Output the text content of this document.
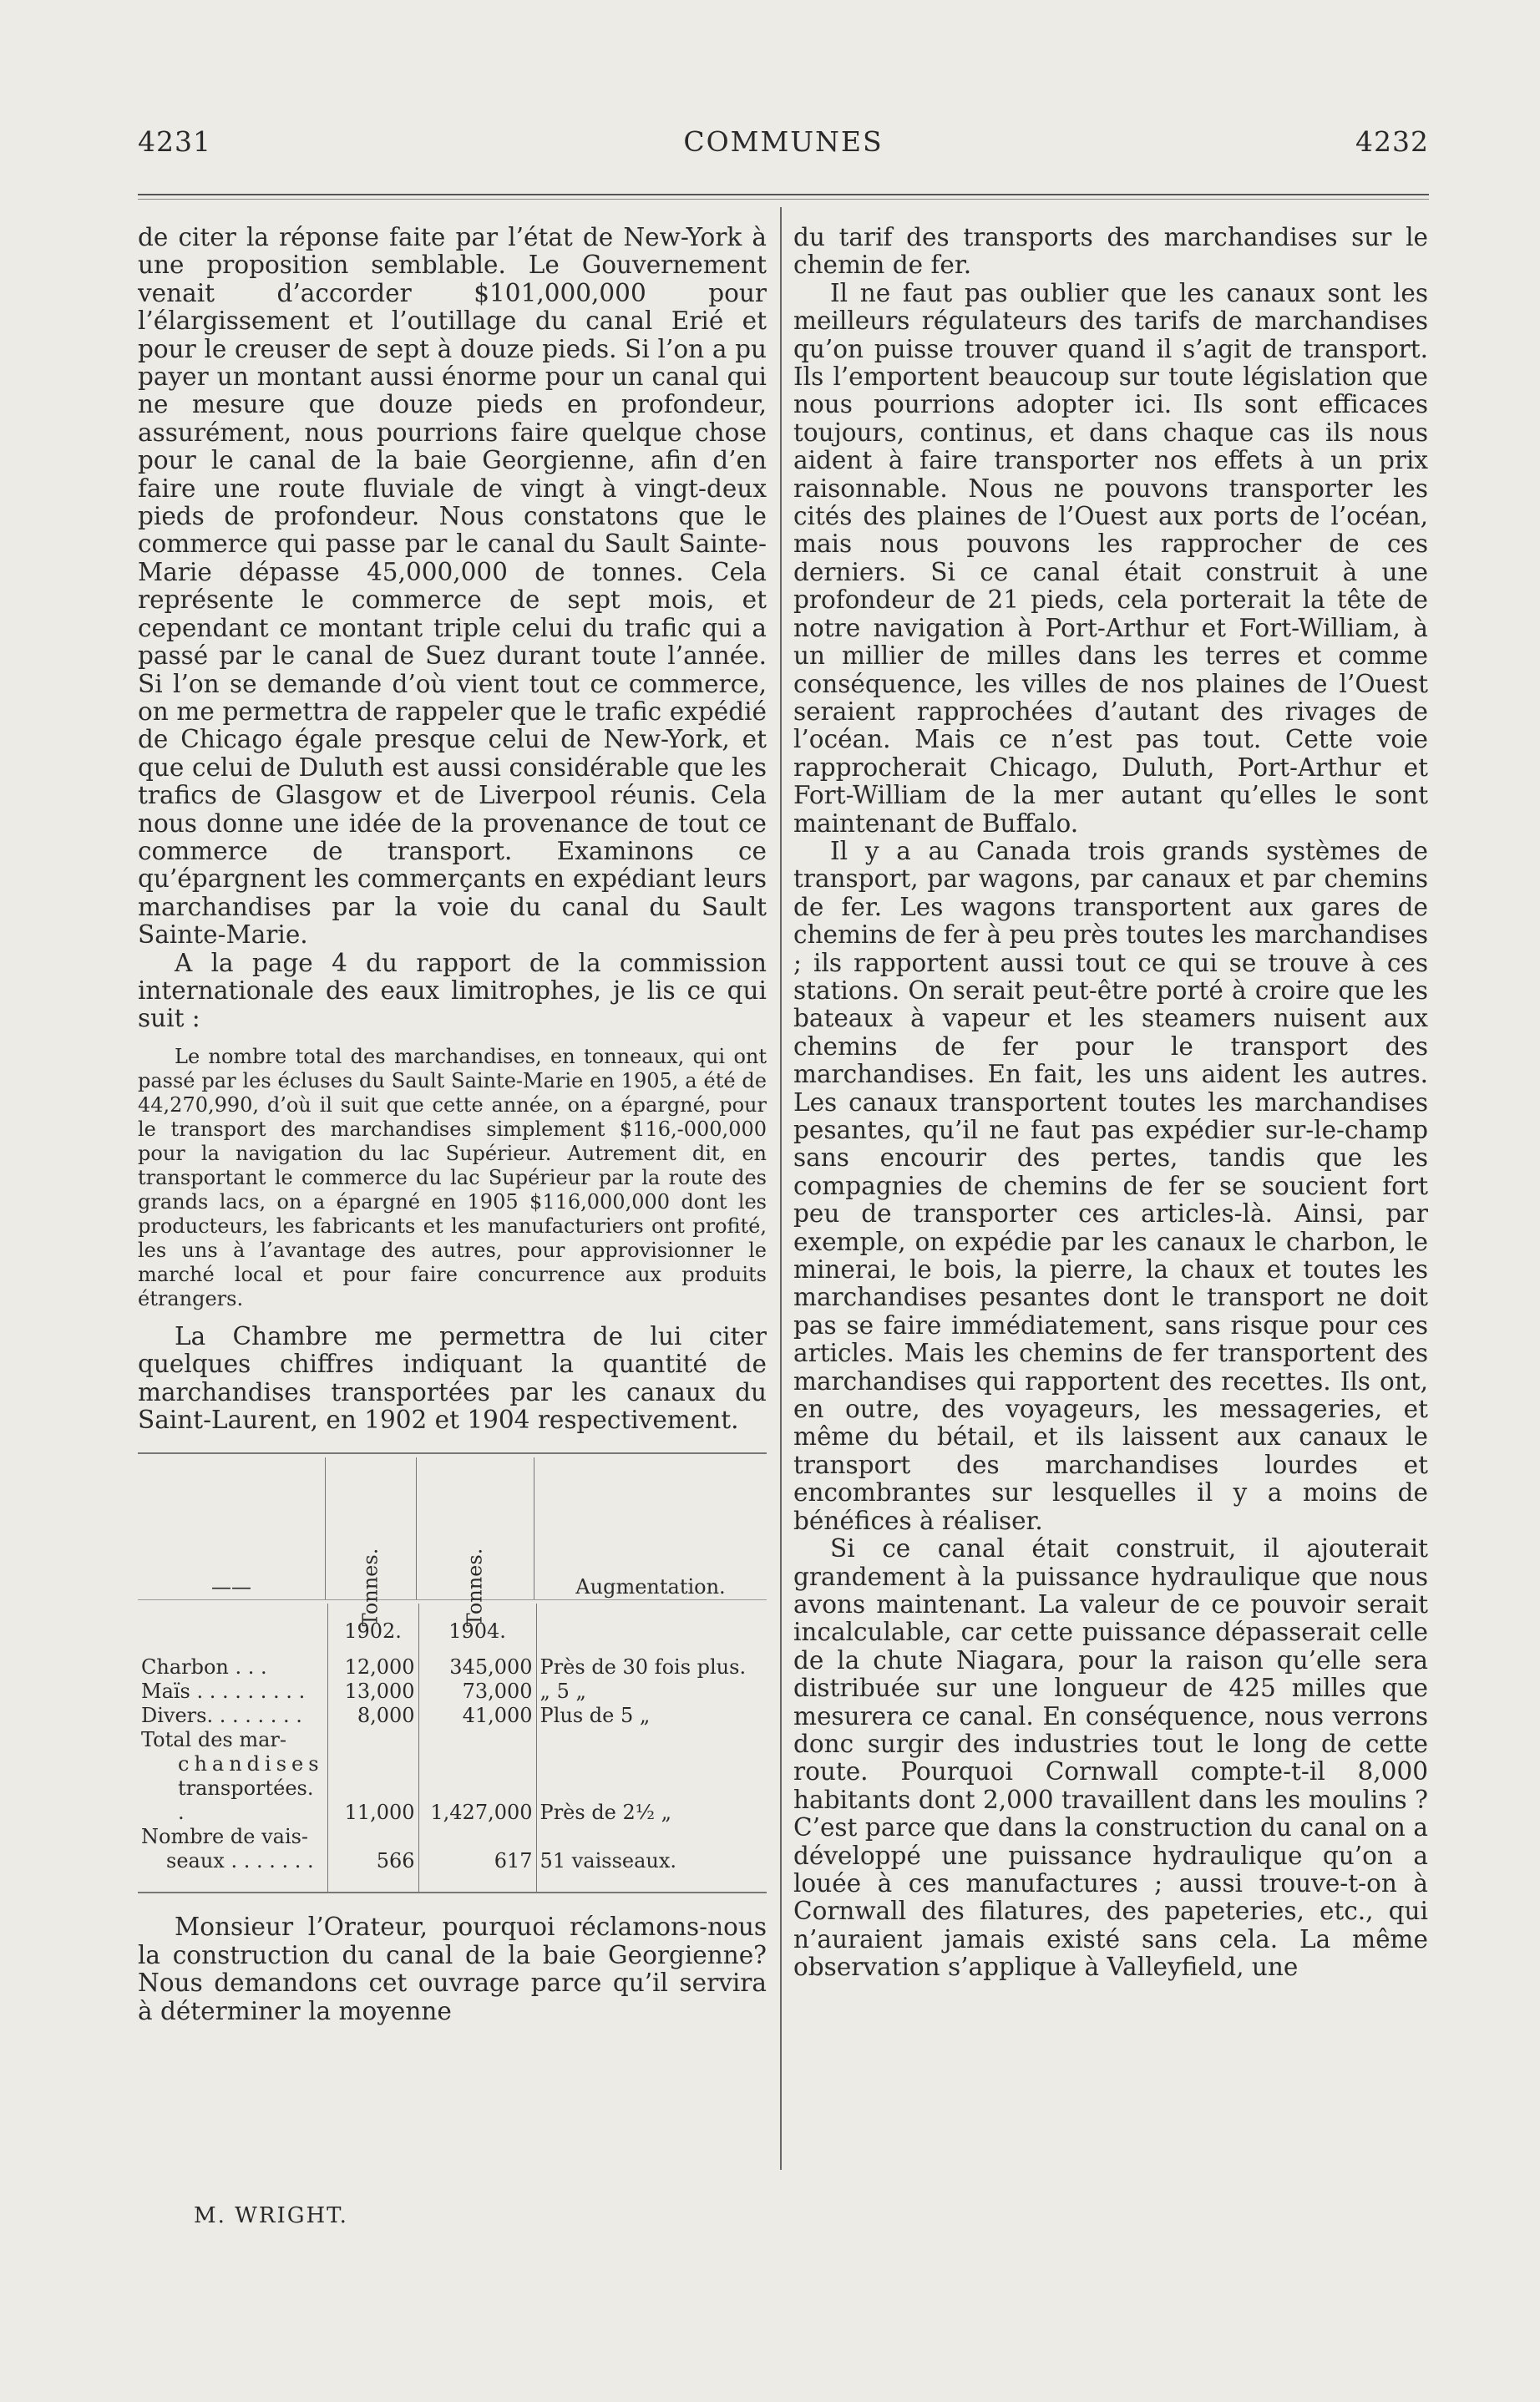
4231	COMMUNES	4232

de citer la réponse faite par l’état de New-York à une proposition semblable. Le Gouvernement venait d’accorder $101,000,000 pour l’élargissement et l’outillage du canal Erié et pour le creuser de sept à douze pieds. Si l’on a pu payer un montant aussi énorme pour un canal qui ne mesure que douze pieds en profondeur, assurément, nous pourrions faire quelque chose pour le canal de la baie Georgienne, afin d’en faire une route fluviale de vingt à vingt-deux pieds de profondeur. Nous constatons que le commerce qui passe par le canal du Sault Sainte-Marie dépasse 45,000,000 de tonnes. Cela représente le commerce de sept mois, et cependant ce montant triple celui du trafic qui a passé par le canal de Suez durant toute l’année. Si l’on se demande d’où vient tout ce commerce, on me permettra de rappeler que le trafic expédié de Chicago égale presque celui de New-York, et que celui de Duluth est aussi considérable que les trafics de Glasgow et de Liverpool réunis. Cela nous donne une idée de la provenance de tout ce commerce de transport. Examinons ce qu’épargnent les commerçants en expédiant leurs marchandises par la voie du canal du Sault Sainte-Marie.

A la page 4 du rapport de la commission internationale des eaux limitrophes, je lis ce qui suit :

Le nombre total des marchandises, en tonneaux, qui ont passé par les écluses du Sault Sainte-Marie en 1905, a été de 44,270,990, d’où il suit que cette année, on a épargné, pour le transport des marchandises simplement $116,-000,000 pour la navigation du lac Supérieur. Autrement dit, en transportant le commerce du lac Supérieur par la route des grands lacs, on a épargné en 1905 $116,000,000 dont les producteurs, les fabricants et les manufacturiers ont profité, les uns à l’avantage des autres, pour approvisionner le marché local et pour faire concurrence aux produits étrangers.

La Chambre me permettra de lui citer quelques chiffres indiquant la quantité de marchandises transportées par les canaux du Saint-Laurent, en 1902 et 1904 respectivement.

——	Tonnes.	Tonnes.	Augmentation.
	1902.	1904.	

Charbon . . .	12,000	345,000	Près de 30 fois plus.
Maïs . . . . . . . . .	13,000	73,000	„ 5 „
Divers. . . . . . . .	8,000	41,000	Plus de 5 „

Total des mar-
chandises
transportées. .	11,000	1,427,000	Près de 2½ „

Nombre de vais-
seaux . . . . . . .	566	617	51 vaisseaux.

Monsieur l’Orateur, pourquoi réclamons-nous la construction du canal de la baie Georgienne? Nous demandons cet ouvrage parce qu’il servira à déterminer la moyenne

du tarif des transports des marchandises sur le chemin de fer.

Il ne faut pas oublier que les canaux sont les meilleurs régulateurs des tarifs de marchandises qu’on puisse trouver quand il s’agit de transport. Ils l’emportent beaucoup sur toute législation que nous pourrions adopter ici. Ils sont efficaces toujours, continus, et dans chaque cas ils nous aident à faire transporter nos effets à un prix raisonnable. Nous ne pouvons transporter les cités des plaines de l’Ouest aux ports de l’océan, mais nous pouvons les rapprocher de ces derniers. Si ce canal était construit à une profondeur de 21 pieds, cela porterait la tête de notre navigation à Port-Arthur et Fort-William, à un millier de milles dans les terres et comme conséquence, les villes de nos plaines de l’Ouest seraient rapprochées d’autant des rivages de l’océan. Mais ce n’est pas tout. Cette voie rapprocherait Chicago, Duluth, Port-Arthur et Fort-William de la mer autant qu’elles le sont maintenant de Buffalo.

Il y a au Canada trois grands systèmes de transport, par wagons, par canaux et par chemins de fer. Les wagons transportent aux gares de chemins de fer à peu près toutes les marchandises ; ils rapportent aussi tout ce qui se trouve à ces stations. On serait peut-être porté à croire que les bateaux à vapeur et les steamers nuisent aux chemins de fer pour le transport des marchandises. En fait, les uns aident les autres. Les canaux transportent toutes les marchandises pesantes, qu’il ne faut pas expédier sur-le-champ sans encourir des pertes, tandis que les compagnies de chemins de fer se soucient fort peu de transporter ces articles-là. Ainsi, par exemple, on expédie par les canaux le charbon, le minerai, le bois, la pierre, la chaux et toutes les marchandises pesantes dont le transport ne doit pas se faire immédiatement, sans risque pour ces articles. Mais les chemins de fer transportent des marchandises qui rapportent des recettes. Ils ont, en outre, des voyageurs, les messageries, et même du bétail, et ils laissent aux canaux le transport des marchandises lourdes et encombrantes sur lesquelles il y a moins de bénéfices à réaliser.

Si ce canal était construit, il ajouterait grandement à la puissance hydraulique que nous avons maintenant. La valeur de ce pouvoir serait incalculable, car cette puissance dépasserait celle de la chute Niagara, pour la raison qu’elle sera distribuée sur une longueur de 425 milles que mesurera ce canal. En conséquence, nous verrons donc surgir des industries tout le long de cette route. Pourquoi Cornwall compte-t-il 8,000 habitants dont 2,000 travaillent dans les moulins ? C’est parce que dans la construction du canal on a développé une puissance hydraulique qu’on a louée à ces manufactures ; aussi trouve-t-on à Cornwall des filatures, des papeteries, etc., qui n’auraient jamais existé sans cela. La même observation s’applique à Valleyfield, une

M. WRIGHT.
